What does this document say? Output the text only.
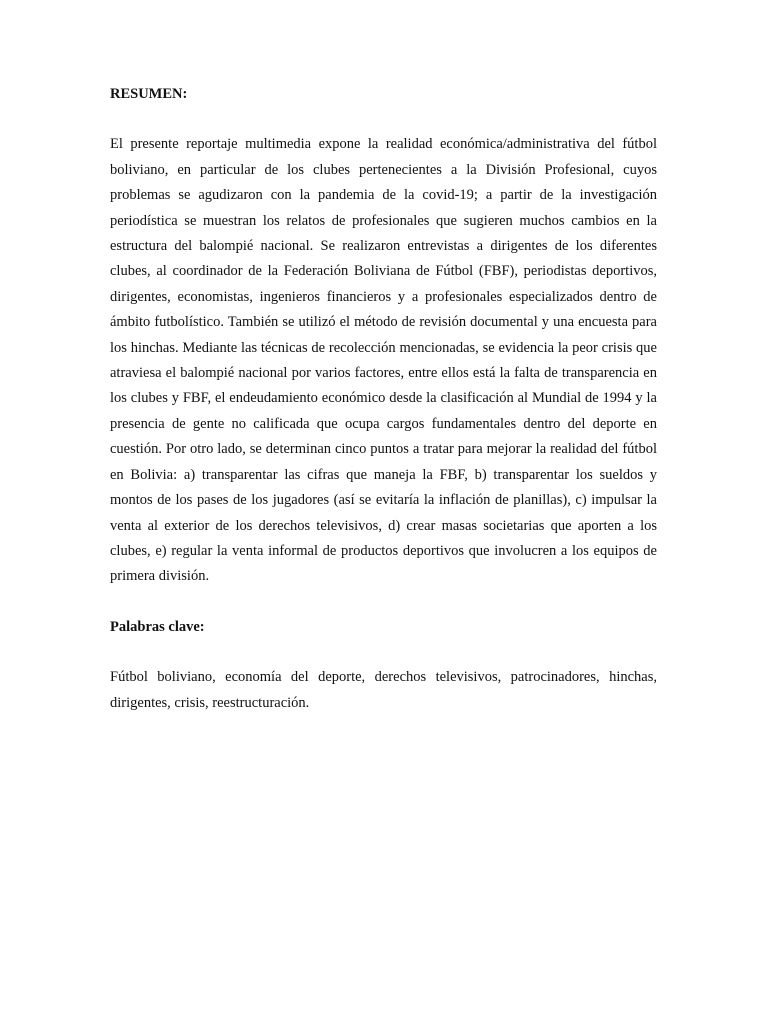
RESUMEN:

El presente reportaje multimedia expone la realidad económica/administrativa del fútbol boliviano, en particular de los clubes pertenecientes a la División Profesional, cuyos problemas se agudizaron con la pandemia de la covid-19; a partir de la investigación periodística se muestran los relatos de profesionales que sugieren muchos cambios en la estructura del balompié nacional. Se realizaron entrevistas a dirigentes de los diferentes clubes, al coordinador de la Federación Boliviana de Fútbol (FBF), periodistas deportivos, dirigentes, economistas, ingenieros financieros y a profesionales especializados dentro de ámbito futbolístico. También se utilizó el método de revisión documental y una encuesta para los hinchas. Mediante las técnicas de recolección mencionadas, se evidencia la peor crisis que atraviesa el balompié nacional por varios factores, entre ellos está la falta de transparencia en los clubes y FBF, el endeudamiento económico desde la clasificación al Mundial de 1994 y la presencia de gente no calificada que ocupa cargos fundamentales dentro del deporte en cuestión. Por otro lado, se determinan cinco puntos a tratar para mejorar la realidad del fútbol en Bolivia: a) transparentar las cifras que maneja la FBF, b) transparentar los sueldos y montos de los pases de los jugadores (así se evitaría la inflación de planillas), c) impulsar la venta al exterior de los derechos televisivos, d) crear masas societarias que aporten a los clubes, e) regular la venta informal de productos deportivos que involucren a los equipos de primera división.

Palabras clave:

Fútbol boliviano, economía del deporte, derechos televisivos, patrocinadores, hinchas, dirigentes, crisis, reestructuración.
